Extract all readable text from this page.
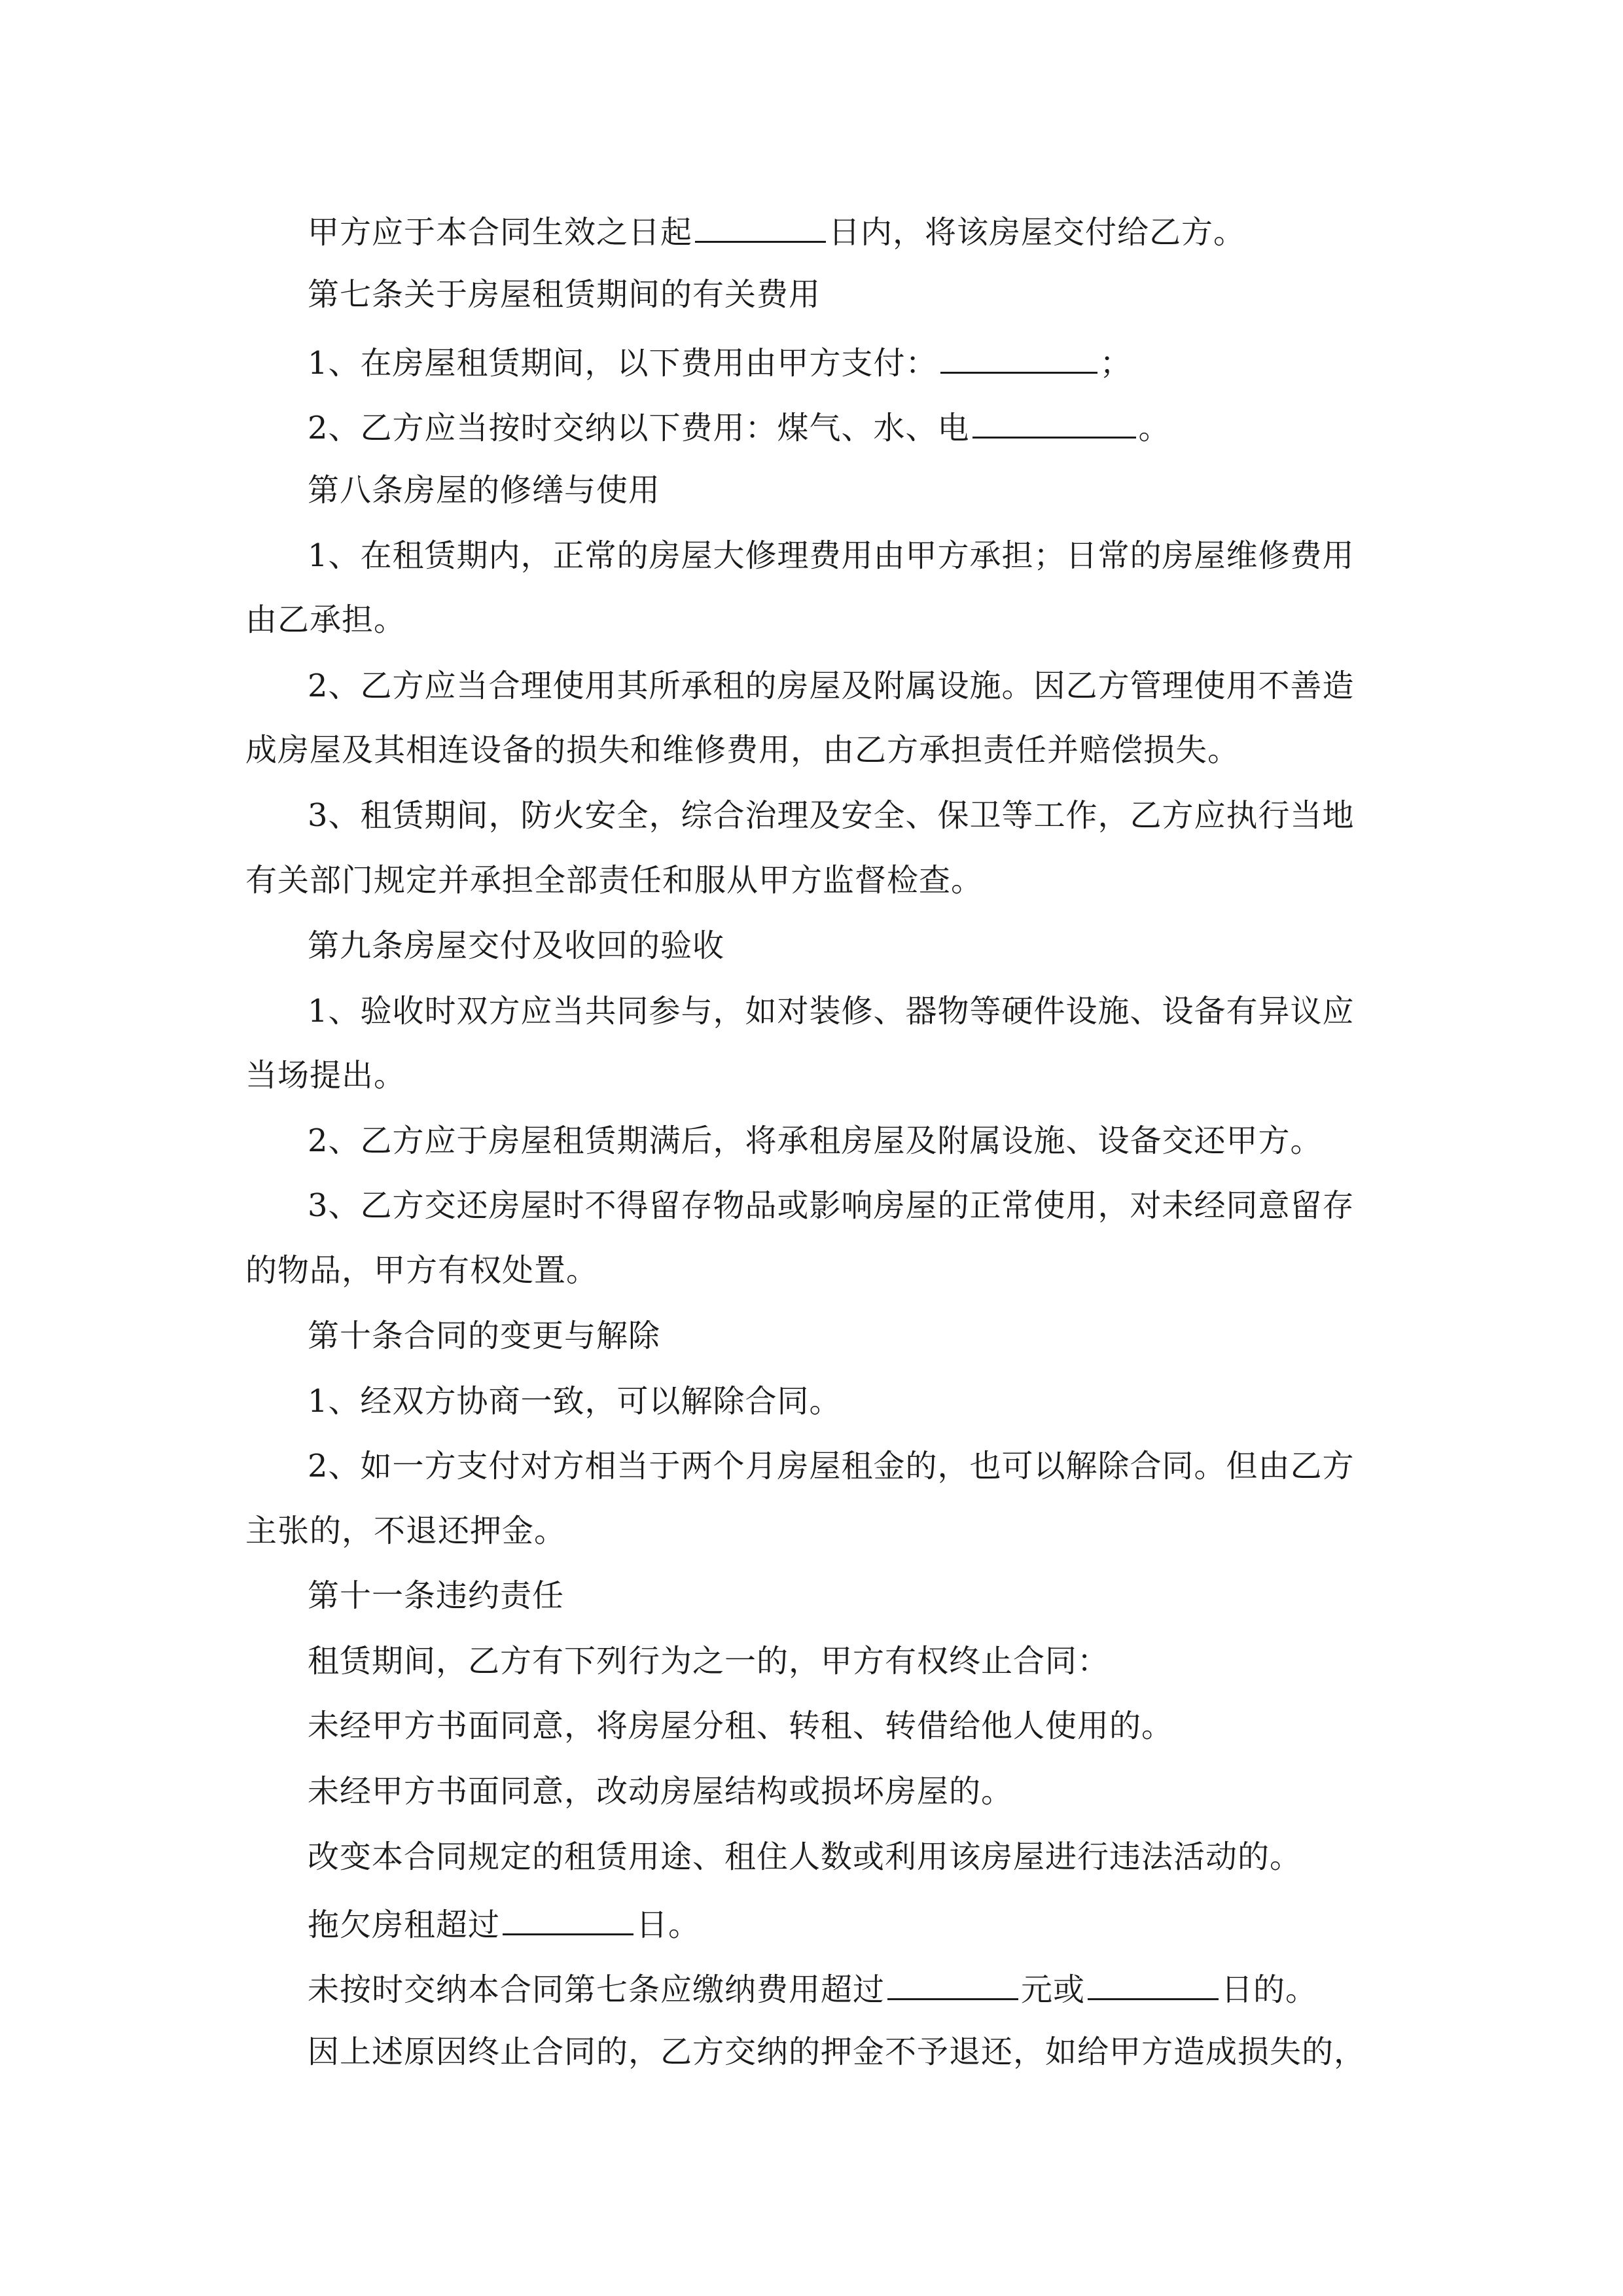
甲方应于本合同生效之日起	日内，将该房屋交付给乙方。
第七条关于房屋租赁期间的有关费用
1、在房屋租赁期间，以下费用由甲方支付：	；
2、乙方应当按时交纳以下费用：煤气、水、电	。
第八条房屋的修缮与使用
1、在租赁期内，正常的房屋大修理费用由甲方承担；日常的房屋维修费用
由乙承担。
2、乙方应当合理使用其所承租的房屋及附属设施。因乙方管理使用不善造
成房屋及其相连设备的损失和维修费用，由乙方承担责任并赔偿损失。
3、租赁期间，防火安全，综合治理及安全、保卫等工作，乙方应执行当地
有关部门规定并承担全部责任和服从甲方监督检查。
第九条房屋交付及收回的验收
1、验收时双方应当共同参与，如对装修、器物等硬件设施、设备有异议应
当场提出。
2、乙方应于房屋租赁期满后，将承租房屋及附属设施、设备交还甲方。
3、乙方交还房屋时不得留存物品或影响房屋的正常使用，对未经同意留存
的物品，甲方有权处置。
第十条合同的变更与解除
1、经双方协商一致，可以解除合同。
2、如一方支付对方相当于两个月房屋租金的，也可以解除合同。但由乙方
主张的，不退还押金。
第十一条违约责任
租赁期间，乙方有下列行为之一的，甲方有权终止合同：
未经甲方书面同意，将房屋分租、转租、转借给他人使用的。
未经甲方书面同意，改动房屋结构或损坏房屋的。
改变本合同规定的租赁用途、租住人数或利用该房屋进行违法活动的。
拖欠房租超过	日。
未按时交纳本合同第七条应缴纳费用超过	元或	日的。
因上述原因终止合同的，乙方交纳的押金不予退还，如给甲方造成损失的，
